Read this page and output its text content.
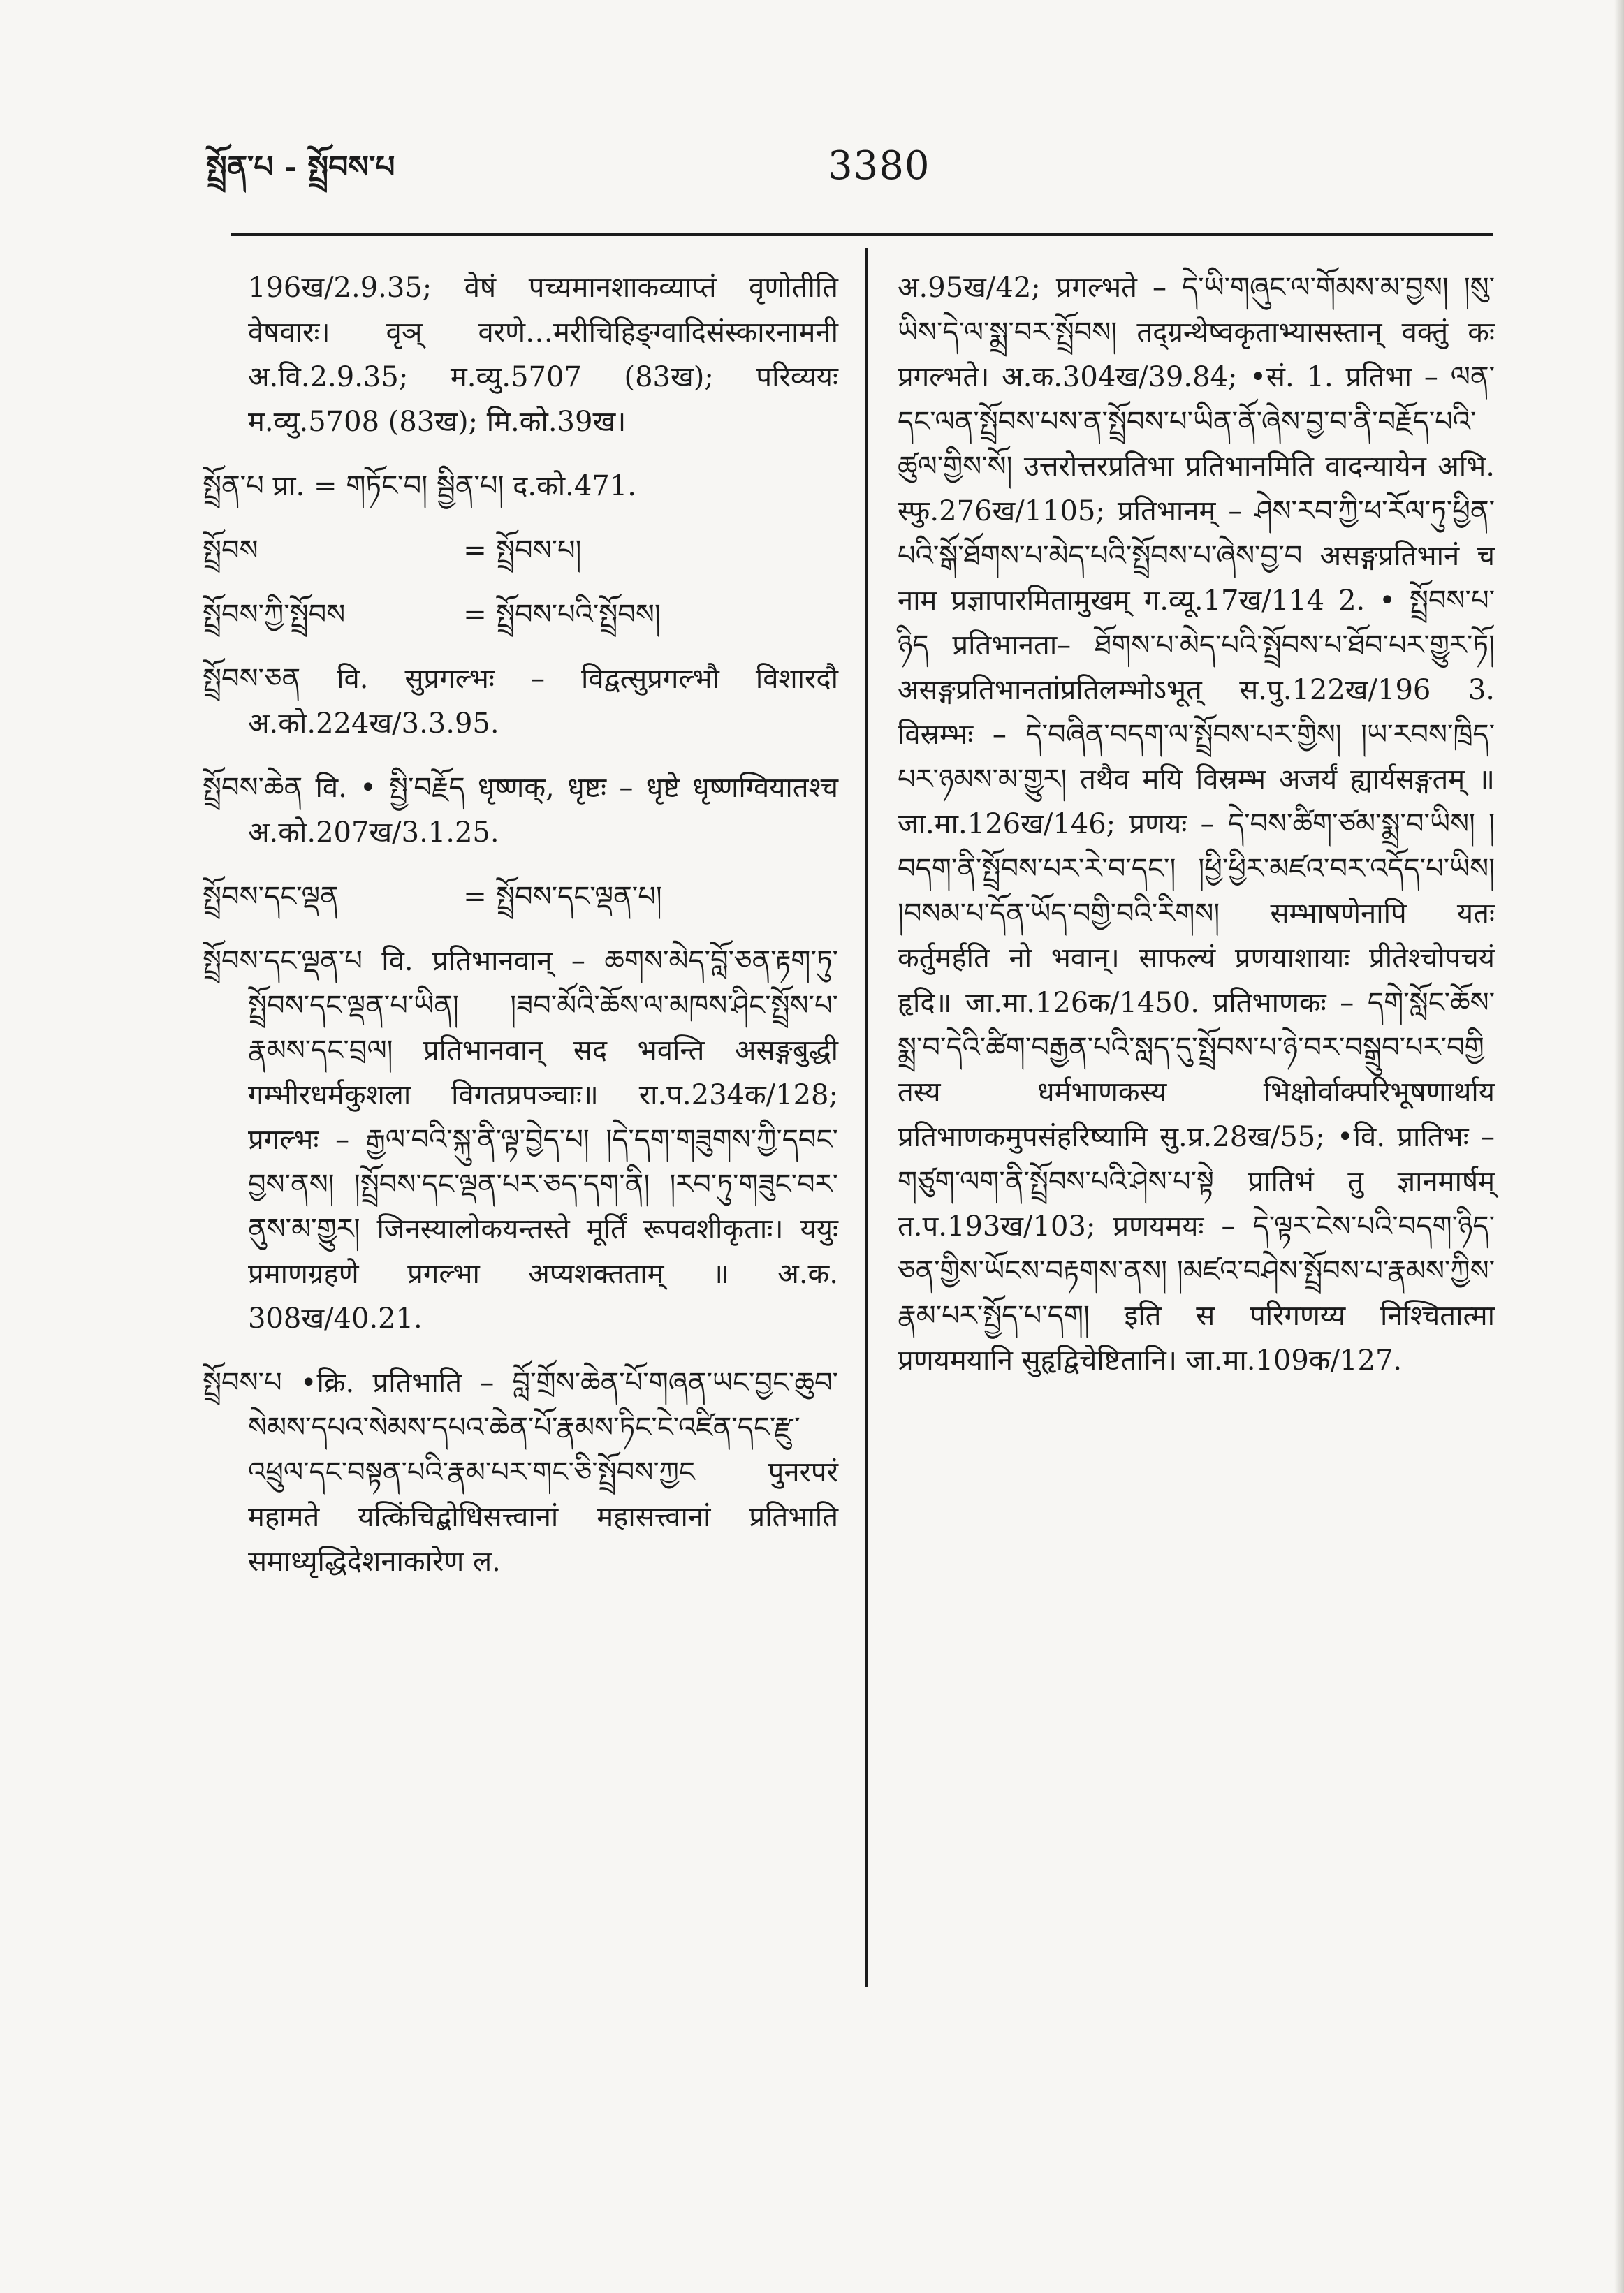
སྤྲོན་པ - སྤྲོབས་པ	3380

196ख/2.9.35; वेषं पच्यमानशाकव्याप्तं वृणोतीति वेषवारः। वृञ् वरणे…मरीचिहिङ्ग्वादिसंस्कारनामनी अ.वि.2.9.35; म.व्यु.5707 (83ख); परिव्ययः म.व्यु.5708 (83ख); मि.को.39ख।

སྤྲོན་པ प्रा. = གཏོང་བ། སྦྱིན་པ། द.को.471.

སྤྲོབས	= སྤྲོབས་པ།
སྤྲོབས་ཀྱི་སྤྲོབས	= སྤྲོབས་པའི་སྤྲོབས།

སྤྲོབས་ཅན वि. सुप्रगल्भः – विद्वत्सुप्रगल्भौ विशारदौ अ.को.224ख/3.3.95.

སྤྲོབས་ཆེན वि. • སྤྱི་བརྗོད धृष्णक्, धृष्टः – धृष्टे धृष्णग्वियातश्च अ.को.207ख/3.1.25.

སྤྲོབས་དང་ལྡན	= སྤྲོབས་དང་ལྡན་པ།

སྤྲོབས་དང་ལྡན་པ वि. प्रतिभानवान् – ཆགས་མེད་བློ་ཅན་རྟག་ཏུ་སྤྲོབས་དང་ལྡན་པ་ཡིན། །ཟབ་མོའི་ཆོས་ལ་མཁས་ཤིང་སྤྲོས་པ་རྣམས་དང་བྲལ། प्रतिभानवान् सद भवन्ति असङ्गबुद्धी गम्भीरधर्मकुशला विगतप्रपञ्चाः॥ रा.प.234क/128; प्रगल्भः – རྒྱལ་བའི་སྐུ་ནི་ལྟ་བྱེད་པ། །དེ་དག་གཟུགས་ཀྱི་དབང་བྱས་ནས། །སྤྲོབས་དང་ལྡན་པར་ཅད་དག་ནི། །རབ་ཏུ་གཟུང་བར་ནུས་མ་གྱུར། जिनस्यालोकयन्तस्ते मूर्तिं रूपवशीकृताः। ययुः प्रमाणग्रहणे प्रगल्भा अप्यशक्तताम् ॥ अ.क. 308ख/40.21.

སྤྲོབས་པ •क्रि. प्रतिभाति – བློ་གྲོས་ཆེན་པོ་གཞན་ཡང་བྱང་ཆུབ་སེམས་དཔའ་སེམས་དཔའ་ཆེན་པོ་རྣམས་ཏིང་ངེ་འཛིན་དང་རྫུ་འཕྲུལ་དང་བསྟན་པའི་རྣམ་པར་གང་ཅི་སྤྲོབས་ཀྱང पुनरपरं महामते यत्किंचिद्बोधिसत्त्वानां महासत्त्वानां प्रतिभाति समाध्यृद्धिदेशनाकारेण ल.

अ.95ख/42; प्रगल्भते – དེ་ཡི་གཞུང་ལ་གོམས་མ་བྱས། །སུ་ཡིས་དེ་ལ་སྨྲ་བར་སྤྲོབས། तद्ग्रन्थेष्वकृताभ्यासस्तान् वक्तुं कः प्रगल्भते। अ.क.304ख/39.84; •सं. 1. प्रतिभा – ལན་དང་ལན་སྤྲོབས་པས་ན་སྤྲོབས་པ་ཡིན་ནོ་ཞེས་བྱ་བ་ནི་བརྗོད་པའི་ཚུལ་གྱིས་སོ། उत्तरोत्तरप्रतिभा प्रतिभानमिति वादन्यायेन अभि. स्फु.276ख/1105; प्रतिभानम् – ཤེས་རབ་ཀྱི་ཕ་རོལ་ཏུ་ཕྱིན་པའི་སྒོ་ཐོགས་པ་མེད་པའི་སྤྲོབས་པ་ཞེས་བྱ་བ असङ्गप्रतिभानं च नाम प्रज्ञापारमितामुखम् ग.व्यू.17ख/114 2. • སྤྲོབས་པ་ཉིད प्रतिभानता– ཐོགས་པ་མེད་པའི་སྤྲོབས་པ་ཐོབ་པར་གྱུར་ཏོ། असङ्गप्रतिभानतांप्रतिलम्भोऽभूत् स.पु.122ख/196 3. विस्रम्भः – དེ་བཞིན་བདག་ལ་སྤྲོབས་པར་གྱིས། །ཡ་རབས་ཁྲིད་པར་ཉམས་མ་གྱུར། तथैव मयि विस्रम्भ अजर्यं ह्यार्यसङ्गतम् ॥ जा.मा.126ख/146; प्रणयः – དེ་བས་ཚིག་ཙམ་སྨྲ་བ་ཡིས། །བདག་ནི་སྤྲོབས་པར་རེ་བ་དང་། །ཕྱི་ཕྱིར་མཛའ་བར་འདོད་པ་ཡིས། །བསམ་པ་དོན་ཡོད་བགྱི་བའི་རིགས། सम्भाषणेनापि यतः कर्तुमर्हति नो भवान्। साफल्यं प्रणयाशायाः प्रीतेश्चोपचयं हृदि॥ जा.मा.126क/1450. प्रतिभाणकः – དགེ་སློང་ཆོས་སྨྲ་བ་དེའི་ཚིག་བརྒྱན་པའི་སླད་དུ་སྤྲོབས་པ་ཉེ་བར་བསྒྲུབ་པར་བགྱི तस्य धर्मभाणकस्य भिक्षोर्वाक्परिभूषणार्थाय प्रतिभाणकमुपसंहरिष्यामि सु.प्र.28ख/55; •वि. प्रातिभः – གཙུག་ལག་ནི་སྤྲོབས་པའི་ཤེས་པ་སྟེ प्रातिभं तु ज्ञानमार्षम् त.प.193ख/103; प्रणयमयः – དེ་ལྟར་ངེས་པའི་བདག་ཉིད་ཅན་གྱིས་ཡོངས་བརྟགས་ནས། །མཛའ་བཤེས་སྤྲོབས་པ་རྣམས་ཀྱིས་རྣམ་པར་སྤྱོད་པ་དག། इति स परिगणय्य निश्चितात्मा प्रणयमयानि सुहृद्विचेष्टितानि। जा.मा.109क/127.
